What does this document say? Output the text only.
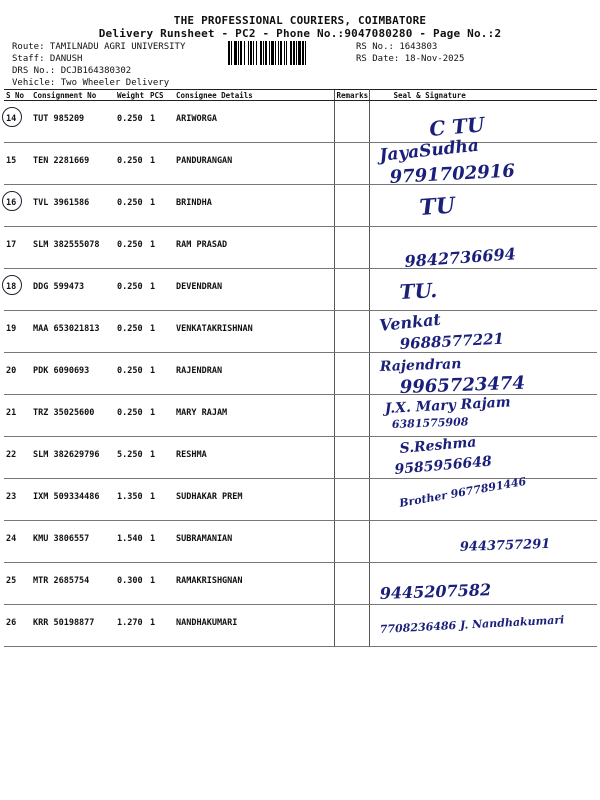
THE PROFESSIONAL COURIERS, COIMBATORE
Delivery Runsheet - PC2 - Phone No.:9047080280 - Page No.:2
Route: TAMILNADU AGRI UNIVERSITY
Staff: DANUSH
DRS No.: DCJB164380302
Vehicle: Two Wheeler Delivery
RS No.: 1643803
RS Date: 18-Nov-2025
S No	Consignment No	Weight	PCS	Consignee Details	Remarks	Seal & Signature
14	TUT 985209	0.250	1	ARIWORGA		C TU

15	TEN 2281669	0.250	1	PANDURANGAN		JayaSudha
9791702916

16	TVL 3961586	0.250	1	BRINDHA		TU

17	SLM 382555078	0.250	1	RAM PRASAD		9842736694

18	DDG 599473	0.250	1	DEVENDRAN		TU.

19	MAA 653021813	0.250	1	VENKATAKRISHNAN		Venkat
9688577221

20	PDK 6090693	0.250	1	RAJENDRAN		Rajendran
9965723474

21	TRZ 35025600	0.250	1	MARY RAJAM		J.X. Mary Rajam
6381575908

22	SLM 382629796	5.250	1	RESHMA		S.Reshma
9585956648

23	IXM 509334486	1.350	1	SUDHAKAR PREM		Brother 9677891446

24	KMU 3806557	1.540	1	SUBRAMANIAN		9443757291

25	MTR 2685754	0.300	1	RAMAKRISHGNAN		9445207582

26	KRR 50198877	1.270	1	NANDHAKUMARI		7708236486 J. Nandhakumari
